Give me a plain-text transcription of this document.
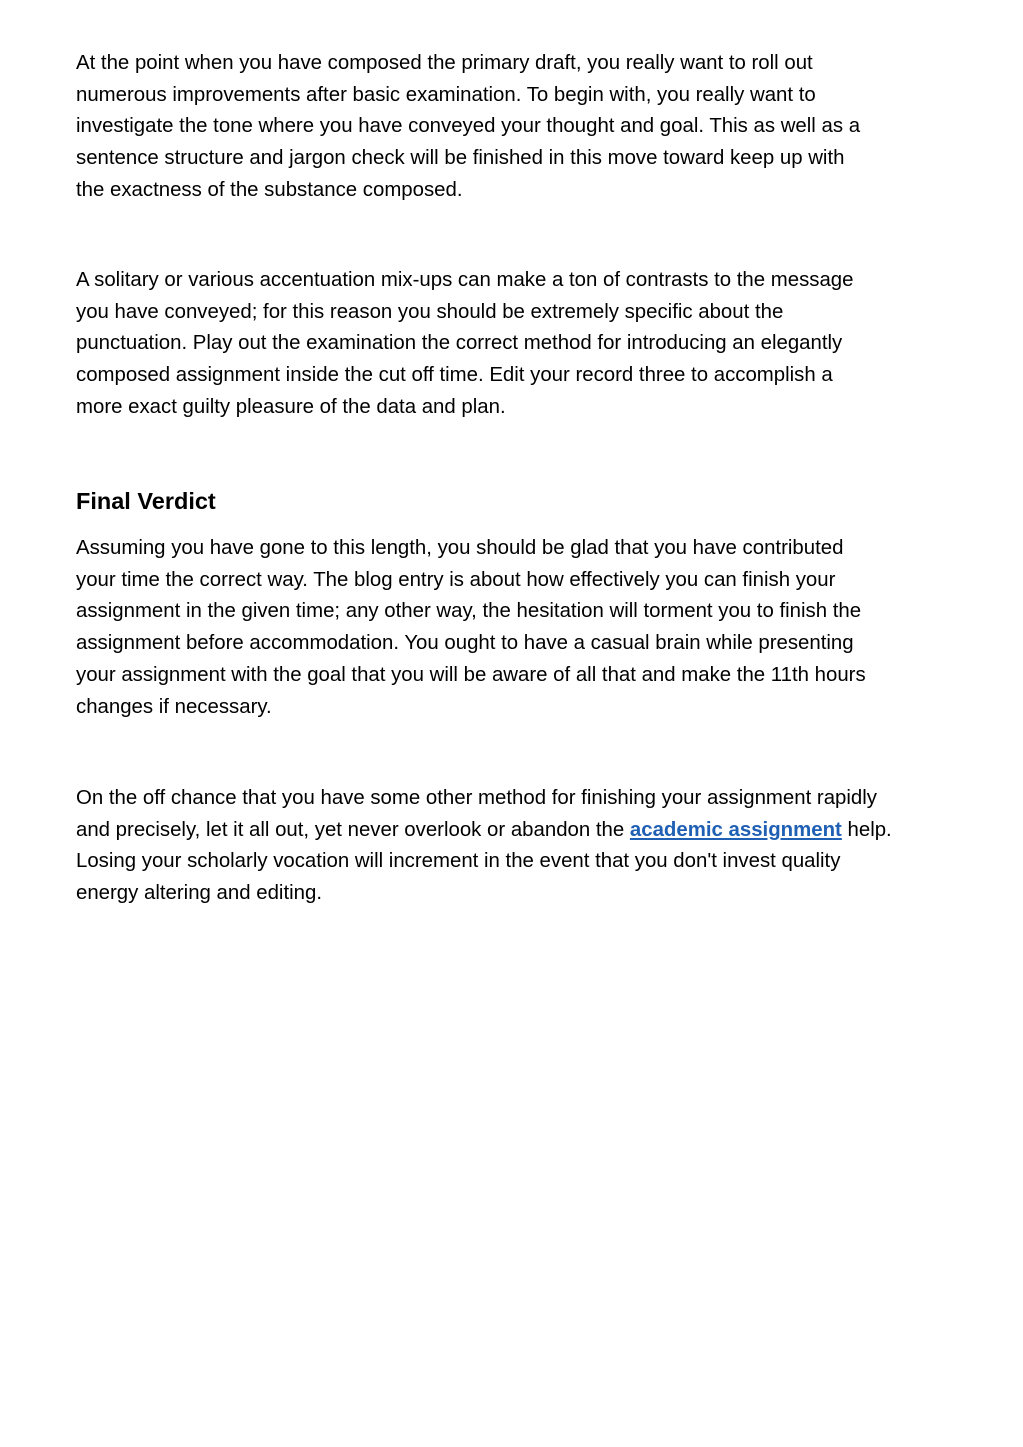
At the point when you have composed the primary draft, you really want to roll out
numerous improvements after basic examination. To begin with, you really want to
investigate the tone where you have conveyed your thought and goal. This as well as a
sentence structure and jargon check will be finished in this move toward keep up with
the exactness of the substance composed.

A solitary or various accentuation mix-ups can make a ton of contrasts to the message
you have conveyed; for this reason you should be extremely specific about the
punctuation. Play out the examination the correct method for introducing an elegantly
composed assignment inside the cut off time. Edit your record three to accomplish a
more exact guilty pleasure of the data and plan.

Final Verdict

Assuming you have gone to this length, you should be glad that you have contributed
your time the correct way. The blog entry is about how effectively you can finish your
assignment in the given time; any other way, the hesitation will torment you to finish the
assignment before accommodation. You ought to have a casual brain while presenting
your assignment with the goal that you will be aware of all that and make the 11th hours
changes if necessary.

On the off chance that you have some other method for finishing your assignment rapidly
and precisely, let it all out, yet never overlook or abandon the academic assignment help.
Losing your scholarly vocation will increment in the event that you don't invest quality
energy altering and editing.
